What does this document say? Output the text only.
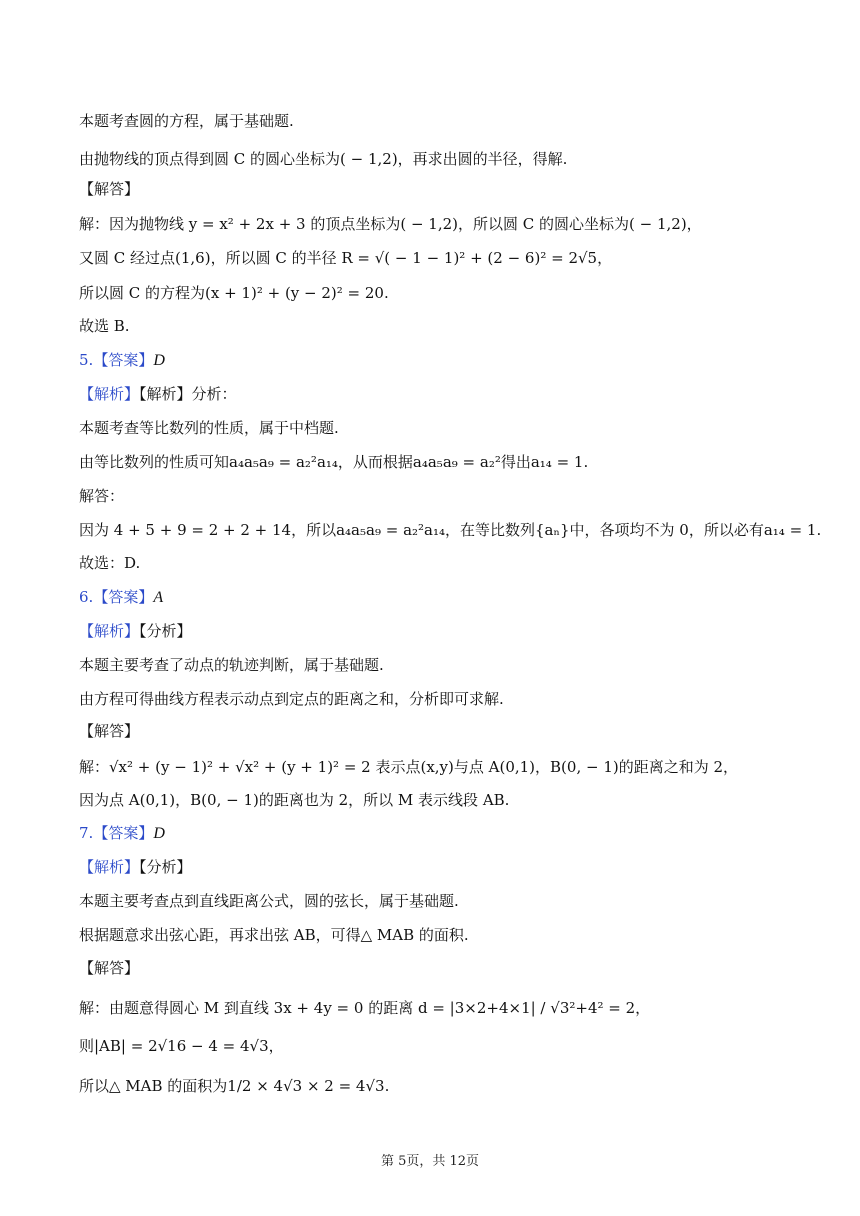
本题考查圆的方程，属于基础题.
由抛物线的顶点得到圆 C 的圆心坐标为( − 1,2)，再求出圆的半径，得解.
【解答】
解：因为抛物线 y = x² + 2x + 3 的顶点坐标为( − 1,2)，所以圆 C 的圆心坐标为( − 1,2)，
又圆 C 经过点(1,6)，所以圆 C 的半径 R = √( − 1 − 1)² + (2 − 6)² = 2√5，
所以圆 C 的方程为(x + 1)² + (y − 2)² = 20.
故选 B.
5.【答案】D
【解析】【解析】分析：
本题考查等比数列的性质，属于中档题.
由等比数列的性质可知a₄a₅a₉ = a₂²a₁₄，从而根据a₄a₅a₉ = a₂²得出a₁₄ = 1.
解答：
因为 4 + 5 + 9 = 2 + 2 + 14，所以a₄a₅a₉ = a₂²a₁₄，在等比数列{aₙ}中，各项均不为 0，所以必有a₁₄ = 1.
故选：D.
6.【答案】A
【解析】【分析】
本题主要考查了动点的轨迹判断，属于基础题.
由方程可得曲线方程表示动点到定点的距离之和，分析即可求解.
【解答】
解：√x² + (y − 1)² + √x² + (y + 1)² = 2 表示点(x,y)与点 A(0,1)，B(0, − 1)的距离之和为 2，
因为点 A(0,1)，B(0, − 1)的距离也为 2，所以 M 表示线段 AB.
7.【答案】D
【解析】【分析】
本题主要考查点到直线距离公式，圆的弦长，属于基础题.
根据题意求出弦心距，再求出弦 AB，可得△ MAB 的面积.
【解答】
解：由题意得圆心 M 到直线 3x + 4y = 0 的距离 d = |3×2+4×1| / √3²+4² = 2，
则|AB| = 2√16 − 4 = 4√3，
所以△ MAB 的面积为1/2 × 4√3 × 2 = 4√3.
第 5页，共 12页
